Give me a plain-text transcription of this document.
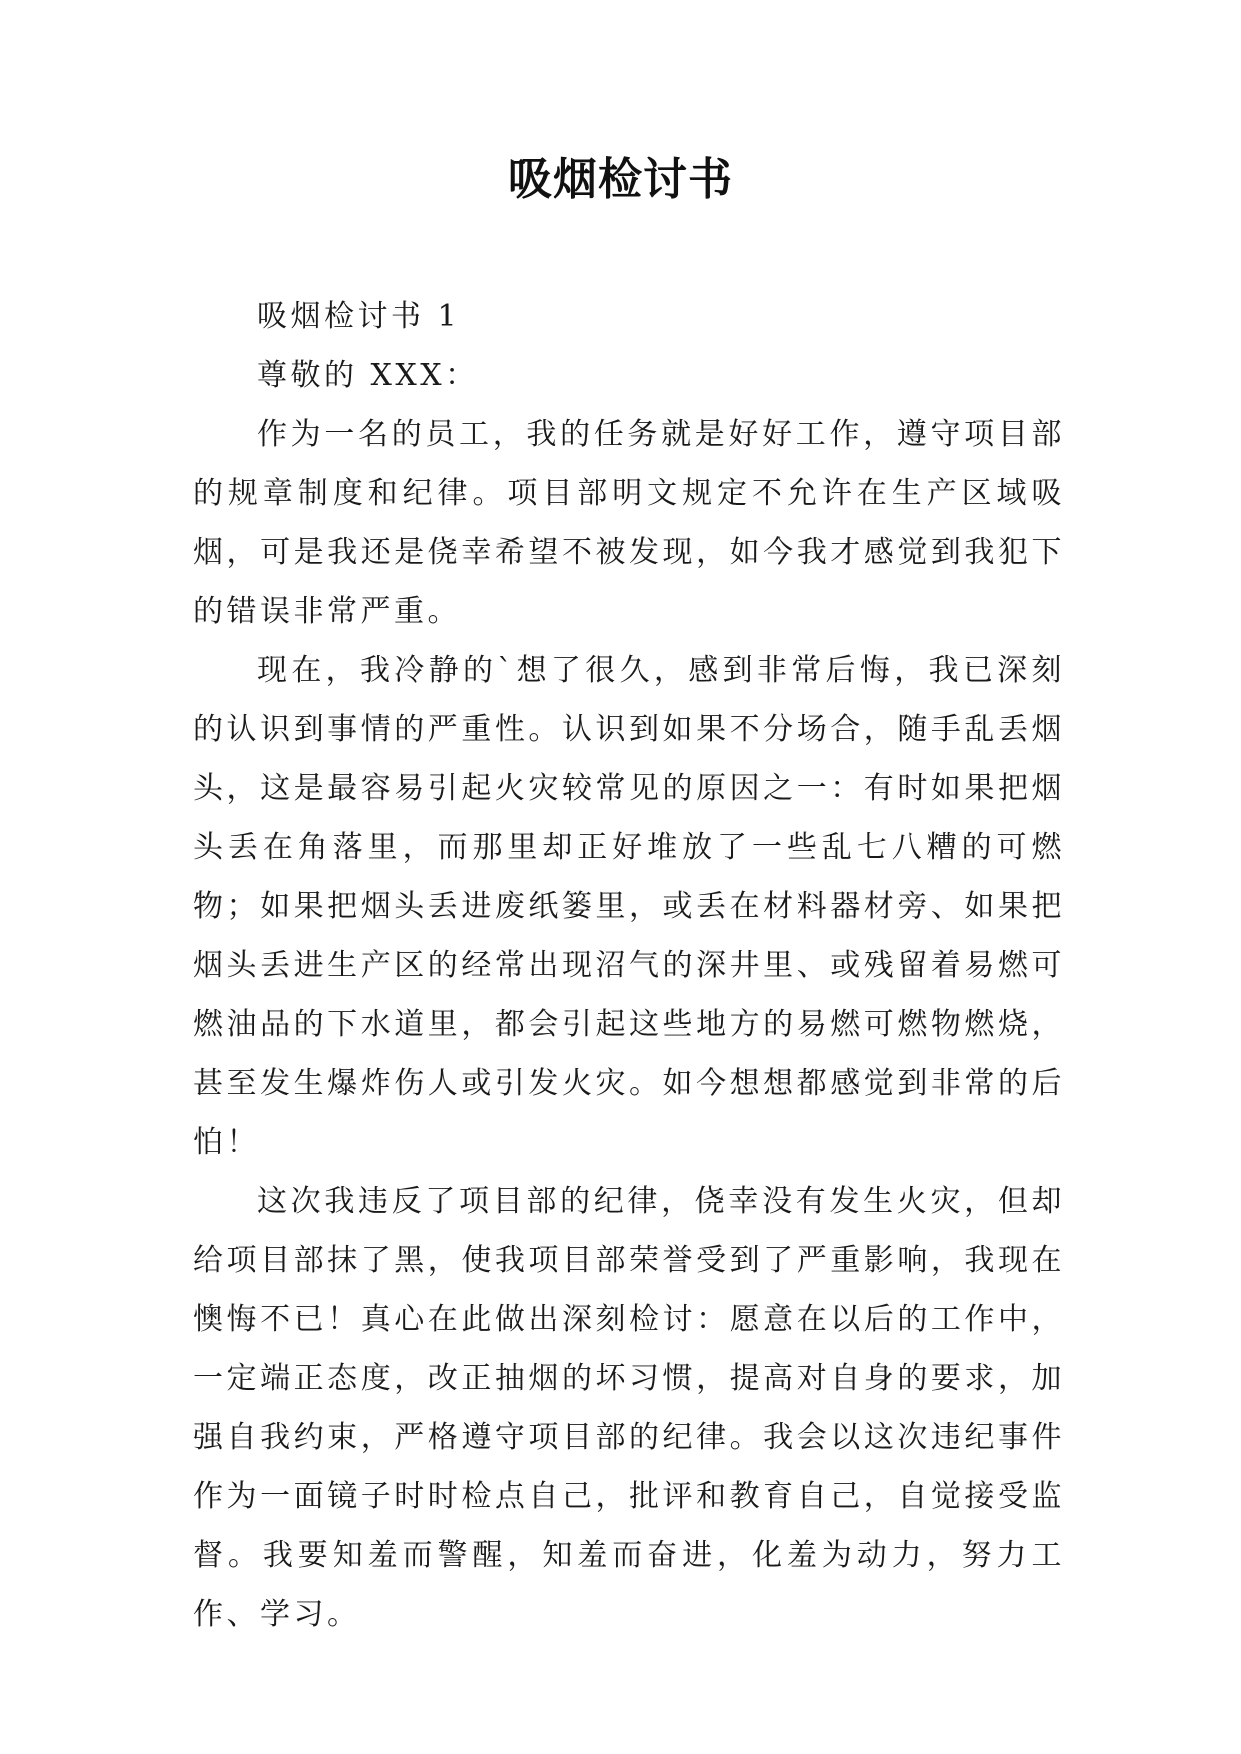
吸烟检讨书

吸烟检讨书 1

尊敬的 XXX：

作为一名的员工，我的任务就是好好工作，遵守项目部的规章制度和纪律。项目部明文规定不允许在生产区域吸烟，可是我还是侥幸希望不被发现，如今我才感觉到我犯下的错误非常严重。

现在，我冷静的`想了很久，感到非常后悔，我已深刻的认识到事情的严重性。认识到如果不分场合，随手乱丢烟头，这是最容易引起火灾较常见的原因之一：有时如果把烟头丢在角落里，而那里却正好堆放了一些乱七八糟的可燃物；如果把烟头丢进废纸篓里，或丢在材料器材旁、如果把烟头丢进生产区的经常出现沼气的深井里、或残留着易燃可燃油品的下水道里，都会引起这些地方的易燃可燃物燃烧，甚至发生爆炸伤人或引发火灾。如今想想都感觉到非常的后怕！

这次我违反了项目部的纪律，侥幸没有发生火灾，但却给项目部抹了黑，使我项目部荣誉受到了严重影响，我现在懊悔不已！真心在此做出深刻检讨：愿意在以后的工作中，一定端正态度，改正抽烟的坏习惯，提高对自身的要求，加强自我约束，严格遵守项目部的纪律。我会以这次违纪事件作为一面镜子时时检点自己，批评和教育自己，自觉接受监督。我要知羞而警醒，知羞而奋进，化羞为动力，努力工作、学习。
